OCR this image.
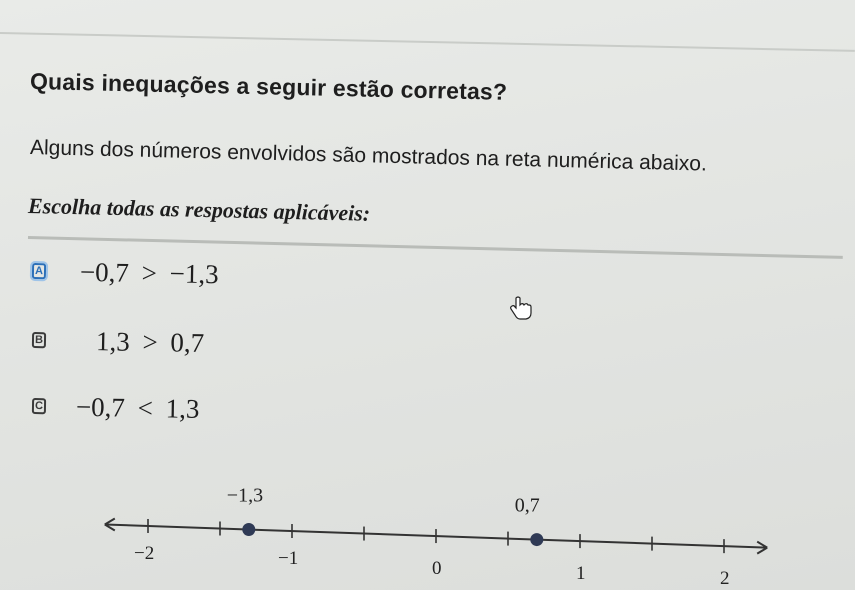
Quais inequações a seguir estão corretas?
Alguns dos números envolvidos são mostrados na reta numérica abaixo.
Escolha todas as respostas aplicáveis:
A −0,7 > −1,3
B 1,3 > 0,7
C −0,7 < 1,3
−2	−1	0	1	2
−1,3	0,7
